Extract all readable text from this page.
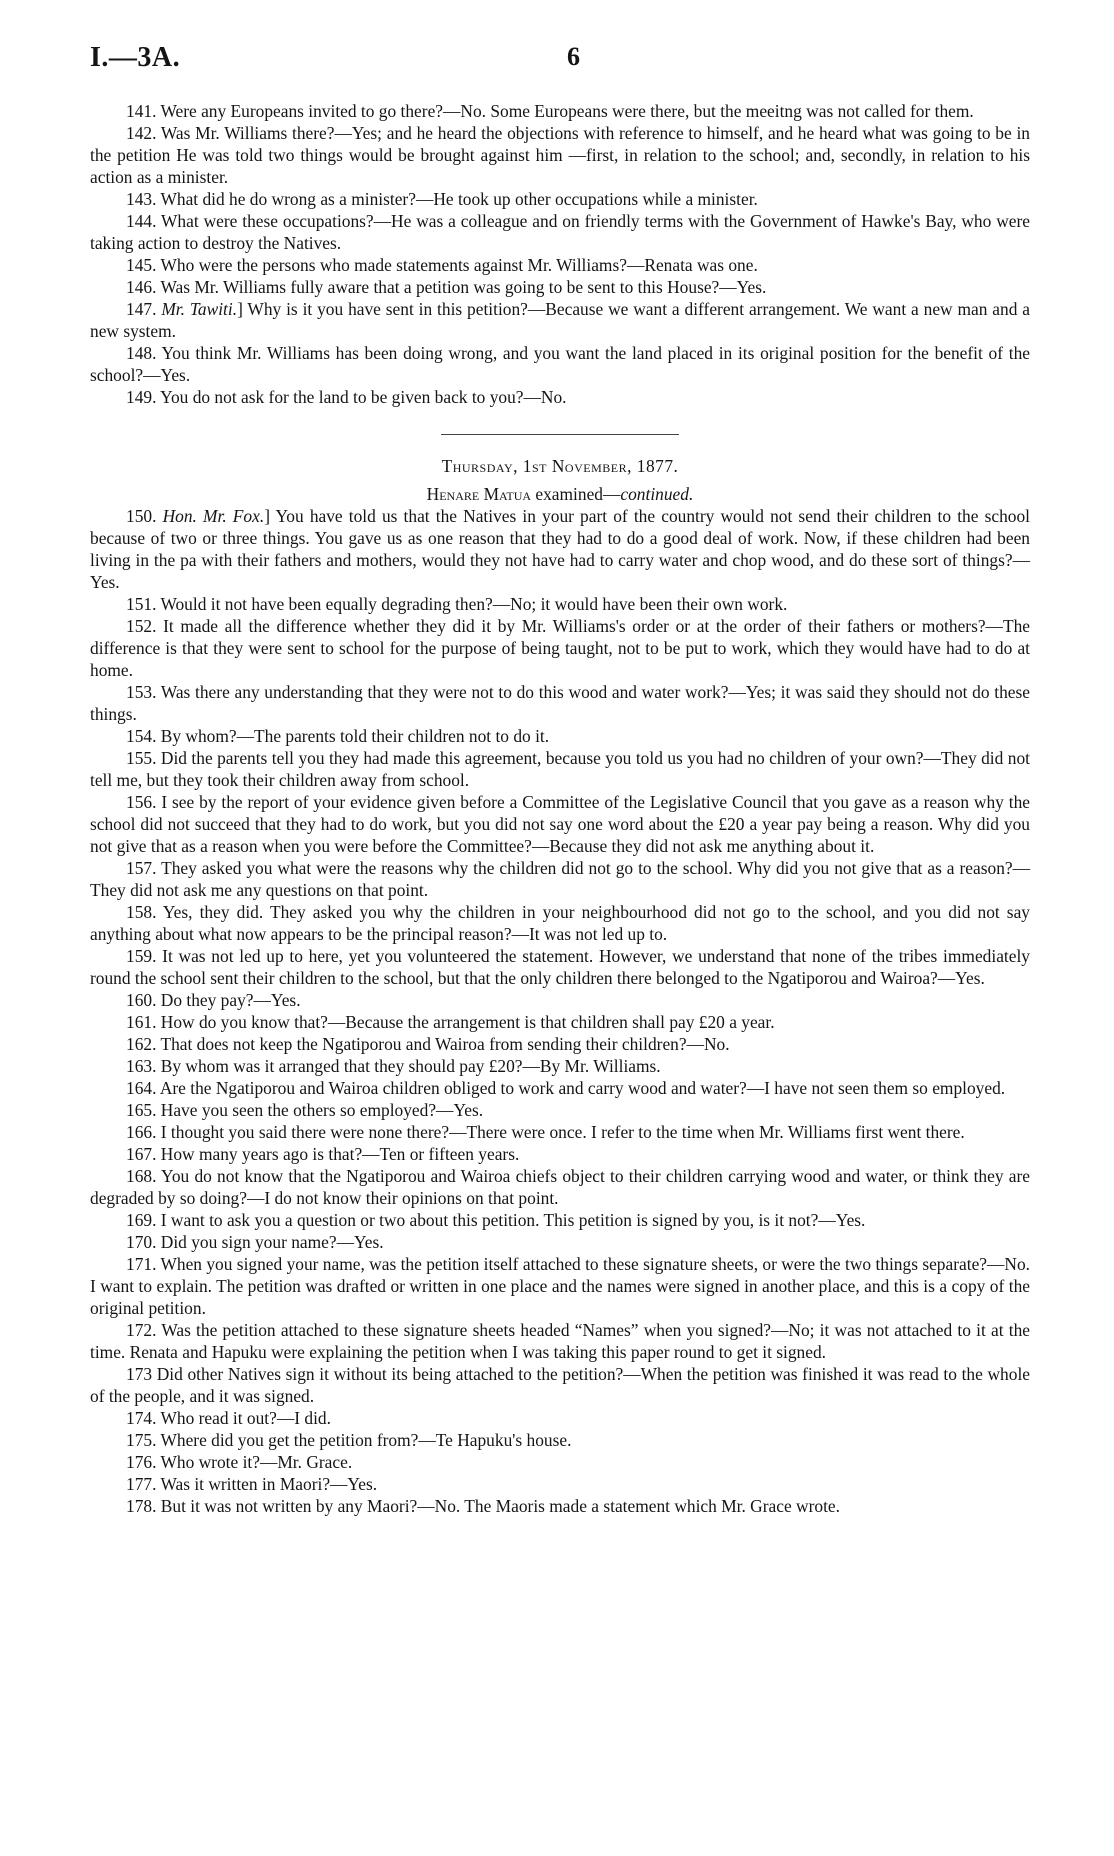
I.—3A.	6

141. Were any Europeans invited to go there?—No. Some Europeans were there, but the meeitng was not called for them.

142. Was Mr. Williams there?—Yes; and he heard the objections with reference to himself, and he heard what was going to be in the petition He was told two things would be brought against him —first, in relation to the school; and, secondly, in relation to his action as a minister.

143. What did he do wrong as a minister?—He took up other occupations while a minister.

144. What were these occupations?—He was a colleague and on friendly terms with the Government of Hawke's Bay, who were taking action to destroy the Natives.

145. Who were the persons who made statements against Mr. Williams?—Renata was one.

146. Was Mr. Williams fully aware that a petition was going to be sent to this House?—Yes.

147. Mr. Tawiti.] Why is it you have sent in this petition?—Because we want a different arrangement. We want a new man and a new system.

148. You think Mr. Williams has been doing wrong, and you want the land placed in its original position for the benefit of the school?—Yes.

149. You do not ask for the land to be given back to you?—No.

Thursday, 1st November, 1877.
Henare Matua examined—continued.

150. Hon. Mr. Fox.] You have told us that the Natives in your part of the country would not send their children to the school because of two or three things. You gave us as one reason that they had to do a good deal of work. Now, if these children had been living in the pa with their fathers and mothers, would they not have had to carry water and chop wood, and do these sort of things?—Yes.

151. Would it not have been equally degrading then?—No; it would have been their own work.

152. It made all the difference whether they did it by Mr. Williams's order or at the order of their fathers or mothers?—The difference is that they were sent to school for the purpose of being taught, not to be put to work, which they would have had to do at home.

153. Was there any understanding that they were not to do this wood and water work?—Yes; it was said they should not do these things.

154. By whom?—The parents told their children not to do it.

155. Did the parents tell you they had made this agreement, because you told us you had no children of your own?—They did not tell me, but they took their children away from school.

156. I see by the report of your evidence given before a Committee of the Legislative Council that you gave as a reason why the school did not succeed that they had to do work, but you did not say one word about the £20 a year pay being a reason. Why did you not give that as a reason when you were before the Committee?—Because they did not ask me anything about it.

157. They asked you what were the reasons why the children did not go to the school. Why did you not give that as a reason?—They did not ask me any questions on that point.

158. Yes, they did. They asked you why the children in your neighbourhood did not go to the school, and you did not say anything about what now appears to be the principal reason?—It was not led up to.

159. It was not led up to here, yet you volunteered the statement. However, we understand that none of the tribes immediately round the school sent their children to the school, but that the only children there belonged to the Ngatiporou and Wairoa?—Yes.

160. Do they pay?—Yes.

161. How do you know that?—Because the arrangement is that children shall pay £20 a year.

162. That does not keep the Ngatiporou and Wairoa from sending their children?—No.

163. By whom was it arranged that they should pay £20?—By Mr. Williams.

164. Are the Ngatiporou and Wairoa children obliged to work and carry wood and water?—I have not seen them so employed.

165. Have you seen the others so employed?—Yes.

166. I thought you said there were none there?—There were once. I refer to the time when Mr. Williams first went there.

167. How many years ago is that?—Ten or fifteen years.

168. You do not know that the Ngatiporou and Wairoa chiefs object to their children carrying wood and water, or think they are degraded by so doing?—I do not know their opinions on that point.

169. I want to ask you a question or two about this petition. This petition is signed by you, is it not?—Yes.

170. Did you sign your name?—Yes.

171. When you signed your name, was the petition itself attached to these signature sheets, or were the two things separate?—No. I want to explain. The petition was drafted or written in one place and the names were signed in another place, and this is a copy of the original petition.

172. Was the petition attached to these signature sheets headed “Names” when you signed?—No; it was not attached to it at the time. Renata and Hapuku were explaining the petition when I was taking this paper round to get it signed.

173 Did other Natives sign it without its being attached to the petition?—When the petition was finished it was read to the whole of the people, and it was signed.

174. Who read it out?—I did.

175. Where did you get the petition from?—Te Hapuku's house.

176. Who wrote it?—Mr. Grace.

177. Was it written in Maori?—Yes.

178. But it was not written by any Maori?—No. The Maoris made a statement which Mr. Grace wrote.
